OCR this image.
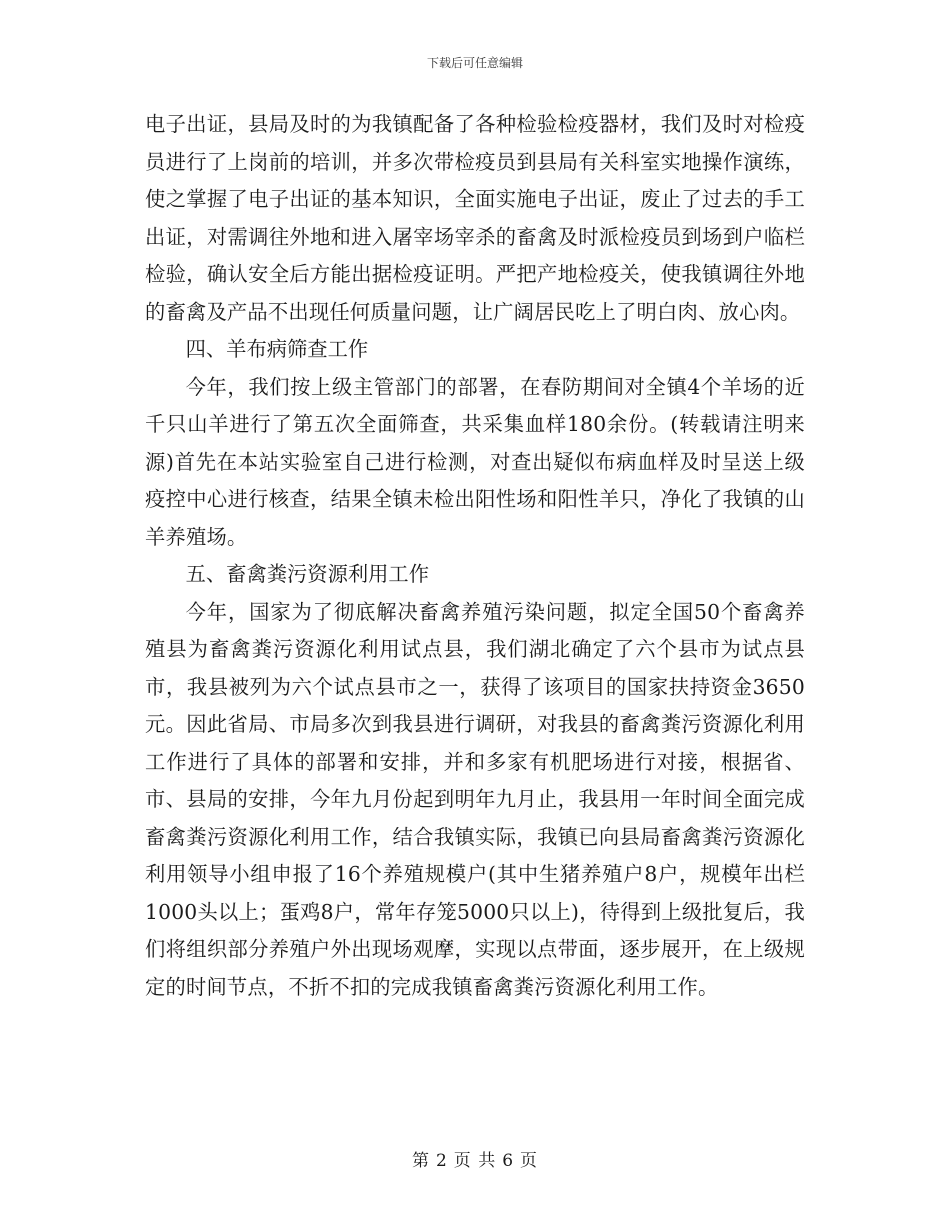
下载后可任意编辑

电子出证，县局及时的为我镇配备了各种检验检疫器材，我们及时对检疫员进行了上岗前的培训，并多次带检疫员到县局有关科室实地操作演练，使之掌握了电子出证的基本知识，全面实施电子出证，废止了过去的手工出证，对需调往外地和进入屠宰场宰杀的畜禽及时派检疫员到场到户临栏检验，确认安全后方能出据检疫证明。严把产地检疫关，使我镇调往外地的畜禽及产品不出现任何质量问题，让广阔居民吃上了明白肉、放心肉。

四、羊布病筛查工作

今年，我们按上级主管部门的部署，在春防期间对全镇4个羊场的近千只山羊进行了第五次全面筛查，共采集血样180余份。(转载请注明来源)首先在本站实验室自己进行检测，对查出疑似布病血样及时呈送上级疫控中心进行核查，结果全镇未检出阳性场和阳性羊只，净化了我镇的山羊养殖场。

五、畜禽粪污资源利用工作

今年，国家为了彻底解决畜禽养殖污染问题，拟定全国50个畜禽养殖县为畜禽粪污资源化利用试点县，我们湖北确定了六个县市为试点县市，我县被列为六个试点县市之一，获得了该项目的国家扶持资金3650元。因此省局、市局多次到我县进行调研，对我县的畜禽粪污资源化利用工作进行了具体的部署和安排，并和多家有机肥场进行对接，根据省、市、县局的安排，今年九月份起到明年九月止，我县用一年时间全面完成畜禽粪污资源化利用工作，结合我镇实际，我镇已向县局畜禽粪污资源化利用领导小组申报了16个养殖规模户(其中生猪养殖户8户，规模年出栏1000头以上；蛋鸡8户，常年存笼5000只以上)，待得到上级批复后，我们将组织部分养殖户外出现场观摩，实现以点带面，逐步展开，在上级规定的时间节点，不折不扣的完成我镇畜禽粪污资源化利用工作。

第 2 页 共 6 页
